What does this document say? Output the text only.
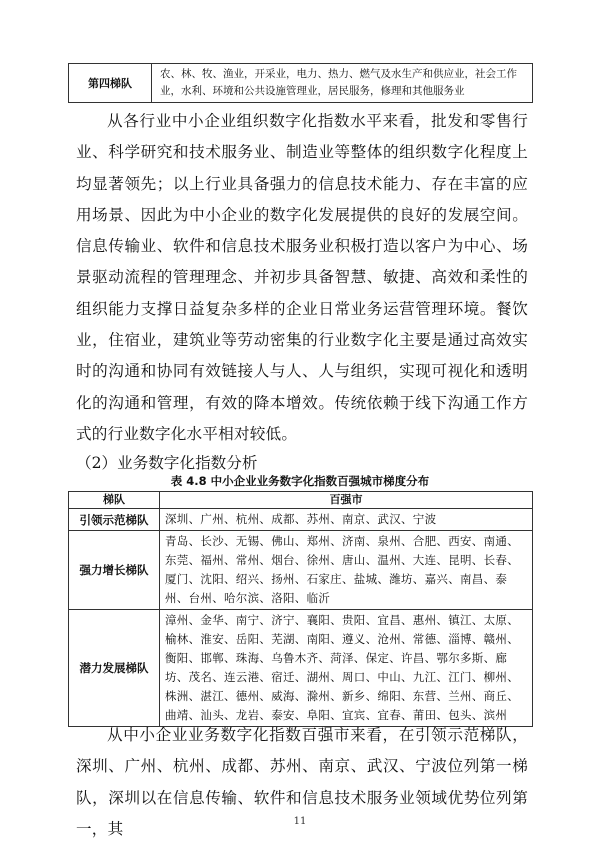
第四梯队	农、林、牧、渔业，开采业，电力、热力、燃气及水生产和供应业，社会工作业，水利、环境和公共设施管理业，居民服务，修理和其他服务业

从各行业中小企业组织数字化指数水平来看，批发和零售行业、科学研究和技术服务业、制造业等整体的组织数字化程度上均显著领先；以上行业具备强力的信息技术能力、存在丰富的应用场景、因此为中小企业的数字化发展提供的良好的发展空间。信息传输业、软件和信息技术服务业积极打造以客户为中心、场景驱动流程的管理理念、并初步具备智慧、敏捷、高效和柔性的组织能力支撑日益复杂多样的企业日常业务运营管理环境。餐饮业，住宿业，建筑业等劳动密集的行业数字化主要是通过高效实时的沟通和协同有效链接人与人、人与组织，实现可视化和透明化的沟通和管理，有效的降本增效。传统依赖于线下沟通工作方式的行业数字化水平相对较低。

（2）业务数字化指数分析

表 4.8 中小企业业务数字化指数百强城市梯度分布
梯队	百强市
引领示范梯队	深圳、广州、杭州、成都、苏州、南京、武汉、宁波
强力增长梯队	青岛、长沙、无锡、佛山、郑州、济南、泉州、合肥、西安、南通、东莞、福州、常州、烟台、徐州、唐山、温州、大连、昆明、长春、厦门、沈阳、绍兴、扬州、石家庄、盐城、潍坊、嘉兴、南昌、泰州、台州、哈尔滨、洛阳、临沂
潜力发展梯队	漳州、金华、南宁、济宁、襄阳、贵阳、宜昌、惠州、镇江、太原、榆林、淮安、岳阳、芜湖、南阳、遵义、沧州、常德、淄博、赣州、衡阳、邯郸、珠海、乌鲁木齐、菏泽、保定、许昌、鄂尔多斯、廊坊、茂名、连云港、宿迁、湖州、周口、中山、九江、江门、柳州、株洲、湛江、德州、威海、滁州、新乡、绵阳、东营、兰州、商丘、曲靖、汕头、龙岩、泰安、阜阳、宜宾、宜春、莆田、包头、滨州

从中小企业业务数字化指数百强市来看，在引领示范梯队，深圳、广州、杭州、成都、苏州、南京、武汉、宁波位列第一梯队，深圳以在信息传输、软件和信息技术服务业领域优势位列第一，其	11
